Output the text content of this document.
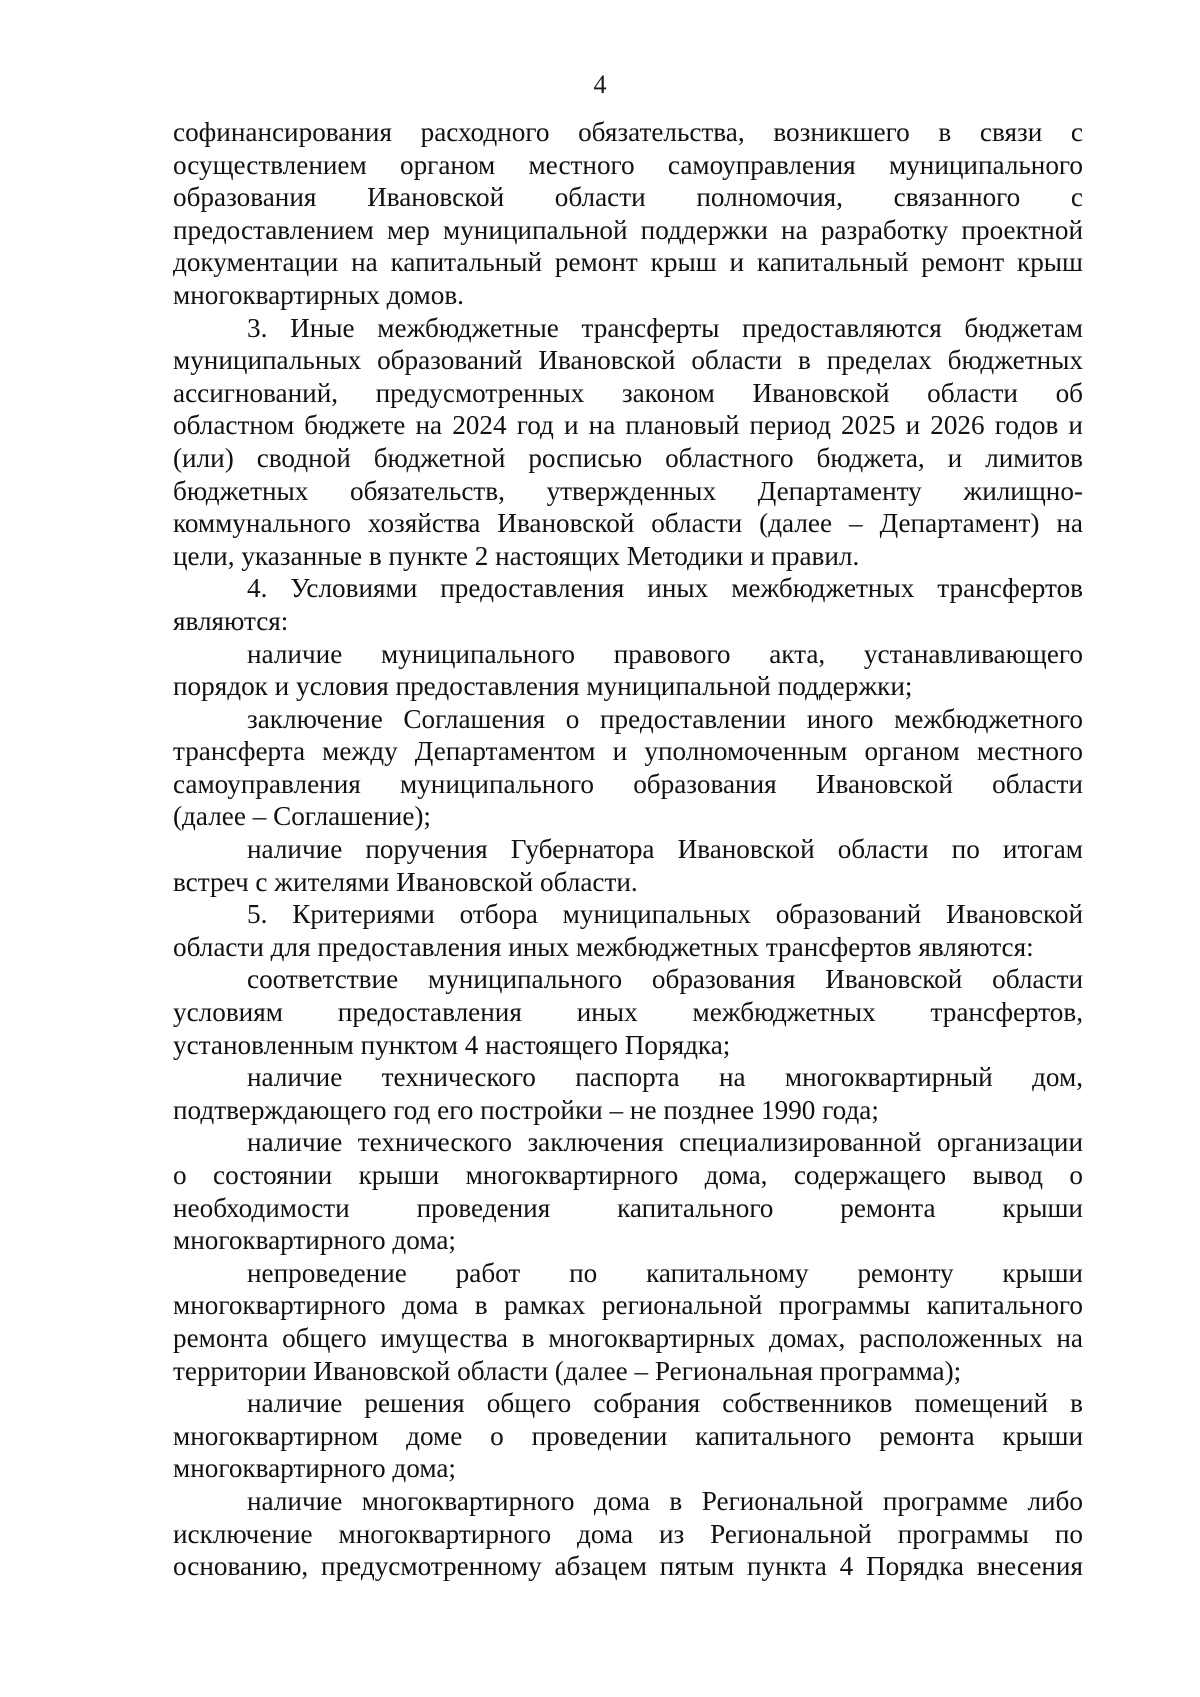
4
софинансирования расходного обязательства, возникшего в связи с
осуществлением органом местного самоуправления муниципального
образования Ивановской области полномочия, связанного с
предоставлением мер муниципальной поддержки на разработку проектной
документации на капитальный ремонт крыш и капитальный ремонт крыш
многоквартирных домов.
3. Иные межбюджетные трансферты предоставляются бюджетам
муниципальных образований Ивановской области в пределах бюджетных
ассигнований, предусмотренных законом Ивановской области об
областном бюджете на 2024 год и на плановый период 2025 и 2026 годов и
(или) сводной бюджетной росписью областного бюджета, и лимитов
бюджетных обязательств, утвержденных Департаменту жилищно-
коммунального хозяйства Ивановской области (далее – Департамент) на
цели, указанные в пункте 2 настоящих Методики и правил.
4. Условиями предоставления иных межбюджетных трансфертов
являются:
наличие муниципального правового акта, устанавливающего
порядок и условия предоставления муниципальной поддержки;
заключение Соглашения о предоставлении иного межбюджетного
трансферта между Департаментом и уполномоченным органом местного
самоуправления муниципального образования Ивановской области
(далее – Соглашение);
наличие поручения Губернатора Ивановской области по итогам
встреч с жителями Ивановской области.
5. Критериями отбора муниципальных образований Ивановской
области для предоставления иных межбюджетных трансфертов являются:
соответствие муниципального образования Ивановской области
условиям предоставления иных межбюджетных трансфертов,
установленным пунктом 4 настоящего Порядка;
наличие технического паспорта на многоквартирный дом,
подтверждающего год его постройки – не позднее 1990 года;
наличие технического заключения специализированной организации
о состоянии крыши многоквартирного дома, содержащего вывод о
необходимости проведения капитального ремонта крыши
многоквартирного дома;
непроведение работ по капитальному ремонту крыши
многоквартирного дома в рамках региональной программы капитального
ремонта общего имущества в многоквартирных домах, расположенных на
территории Ивановской области (далее – Региональная программа);
наличие решения общего собрания собственников помещений в
многоквартирном доме о проведении капитального ремонта крыши
многоквартирного дома;
наличие многоквартирного дома в Региональной программе либо
исключение многоквартирного дома из Региональной программы по
основанию, предусмотренному абзацем пятым пункта 4 Порядка внесения
